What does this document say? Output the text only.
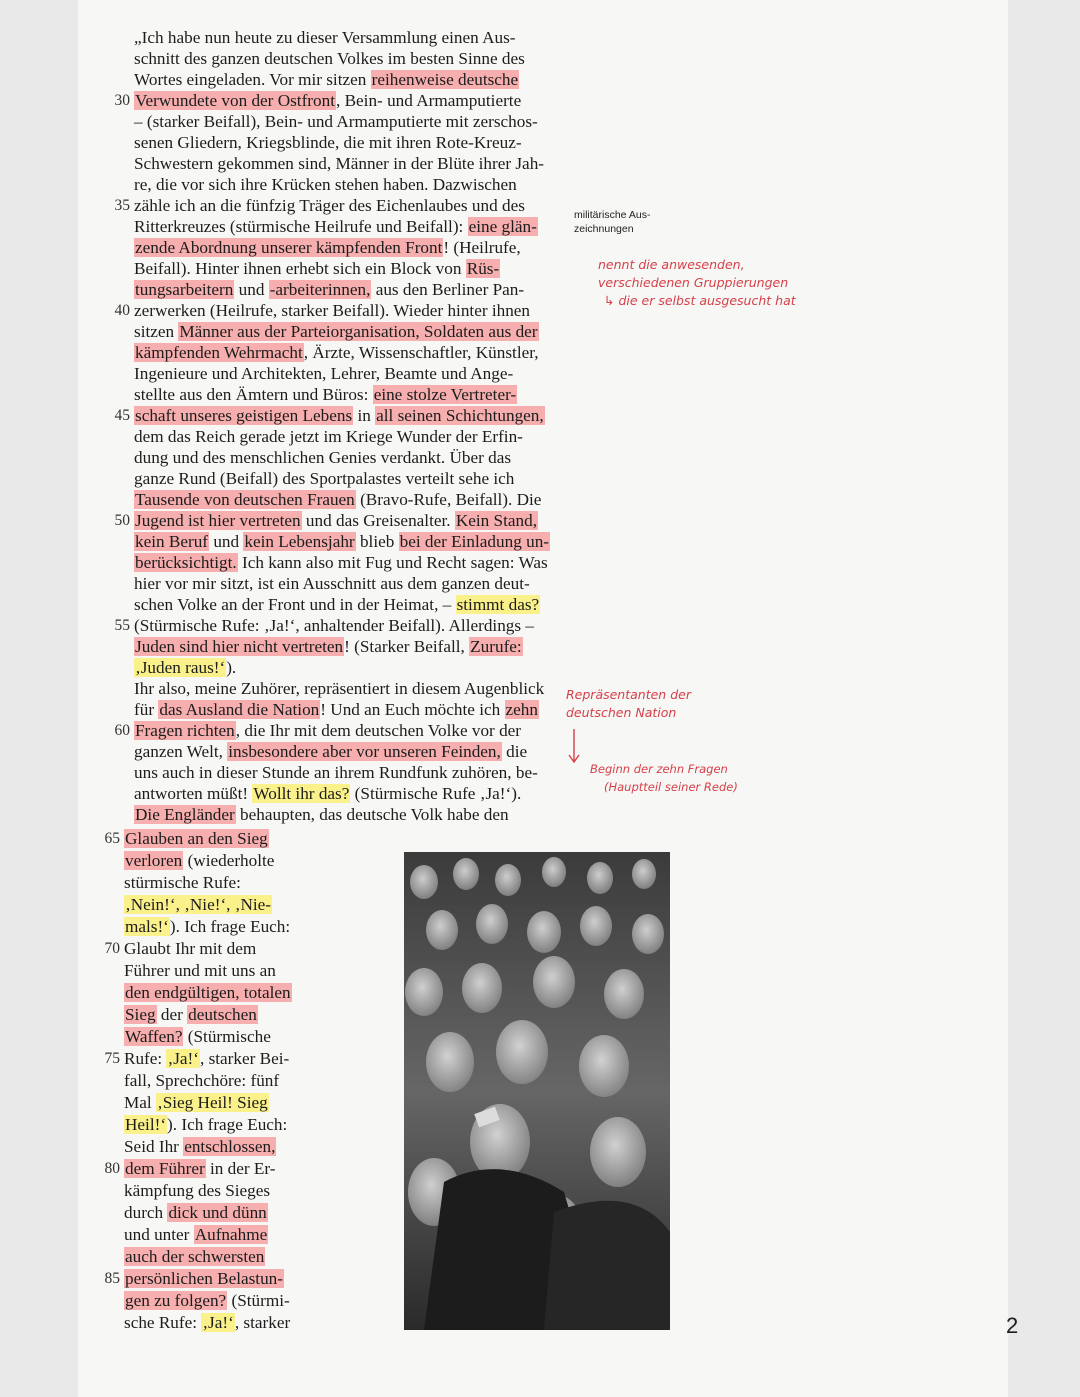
„Ich habe nun heute zu dieser Versammlung einen Aus-
schnitt des ganzen deutschen Volkes im besten Sinne des
Wortes eingeladen. Vor mir sitzen reihenweise deutsche
30 Verwundete von der Ostfront, Bein- und Armamputierte
– (starker Beifall), Bein- und Armamputierte mit zerschos-
senen Gliedern, Kriegsblinde, die mit ihren Rote-Kreuz-
Schwestern gekommen sind, Männer in der Blüte ihrer Jah-
re, die vor sich ihre Krücken stehen haben. Dazwischen
35 zähle ich an die fünfzig Träger des Eichenlaubes und des
Ritterkreuzes (stürmische Heilrufe und Beifall): eine glän-
zende Abordnung unserer kämpfenden Front! (Heilrufe,
Beifall). Hinter ihnen erhebt sich ein Block von Rüs-
tungsarbeitern und -arbeiterinnen, aus den Berliner Pan-
40 zerwerken (Heilrufe, starker Beifall). Wieder hinter ihnen
sitzen Männer aus der Parteiorganisation, Soldaten aus der
kämpfenden Wehrmacht, Ärzte, Wissenschaftler, Künstler,
Ingenieure und Architekten, Lehrer, Beamte und Ange-
stellte aus den Ämtern und Büros: eine stolze Vertreter-
45 schaft unseres geistigen Lebens in all seinen Schichtungen,
dem das Reich gerade jetzt im Kriege Wunder der Erfin-
dung und des menschlichen Genies verdankt. Über das
ganze Rund (Beifall) des Sportpalastes verteilt sehe ich
Tausende von deutschen Frauen (Bravo-Rufe, Beifall). Die
50 Jugend ist hier vertreten und das Greisenalter. Kein Stand,
kein Beruf und kein Lebensjahr blieb bei der Einladung un-
berücksichtigt. Ich kann also mit Fug und Recht sagen: Was
hier vor mir sitzt, ist ein Ausschnitt aus dem ganzen deut-
schen Volke an der Front und in der Heimat, – stimmt das?
55 (Stürmische Rufe: ‚Ja!‘, anhaltender Beifall). Allerdings –
Juden sind hier nicht vertreten! (Starker Beifall, Zurufe:
‚Juden raus!‘).
Ihr also, meine Zuhörer, repräsentiert in diesem Augenblick
für das Ausland die Nation! Und an Euch möchte ich zehn
60 Fragen richten, die Ihr mit dem deutschen Volke vor der
ganzen Welt, insbesondere aber vor unseren Feinden, die
uns auch in dieser Stunde an ihrem Rundfunk zuhören, be-
antworten müßt! Wollt ihr das? (Stürmische Rufe ‚Ja!‘).
Die Engländer behaupten, das deutsche Volk habe den
65 Glauben an den Sieg
verloren (wiederholte
stürmische Rufe:
‚Nein!‘, ‚Nie!‘, ‚Nie-
mals!‘). Ich frage Euch:
70 Glaubt Ihr mit dem
Führer und mit uns an
den endgültigen, totalen
Sieg der deutschen
Waffen? (Stürmische
75 Rufe: ‚Ja!‘, starker Bei-
fall, Sprechchöre: fünf
Mal ‚Sieg Heil! Sieg
Heil!‘). Ich frage Euch:
Seid Ihr entschlossen,
80 dem Führer in der Er-
kämpfung des Sieges
durch dick und dünn
und unter Aufnahme
auch der schwersten
85 persönlichen Belastun-
gen zu folgen? (Stürmi-
sche Rufe: ‚Ja!‘, starker
militärische Aus-
zeichnungen
nennt die anwesenden,
verschiedenen Gruppierungen
↳ die er selbst ausgesucht hat
Repräsentanten der
deutschen Nation
Beginn der zehn Fragen
(Hauptteil seiner Rede)
2
